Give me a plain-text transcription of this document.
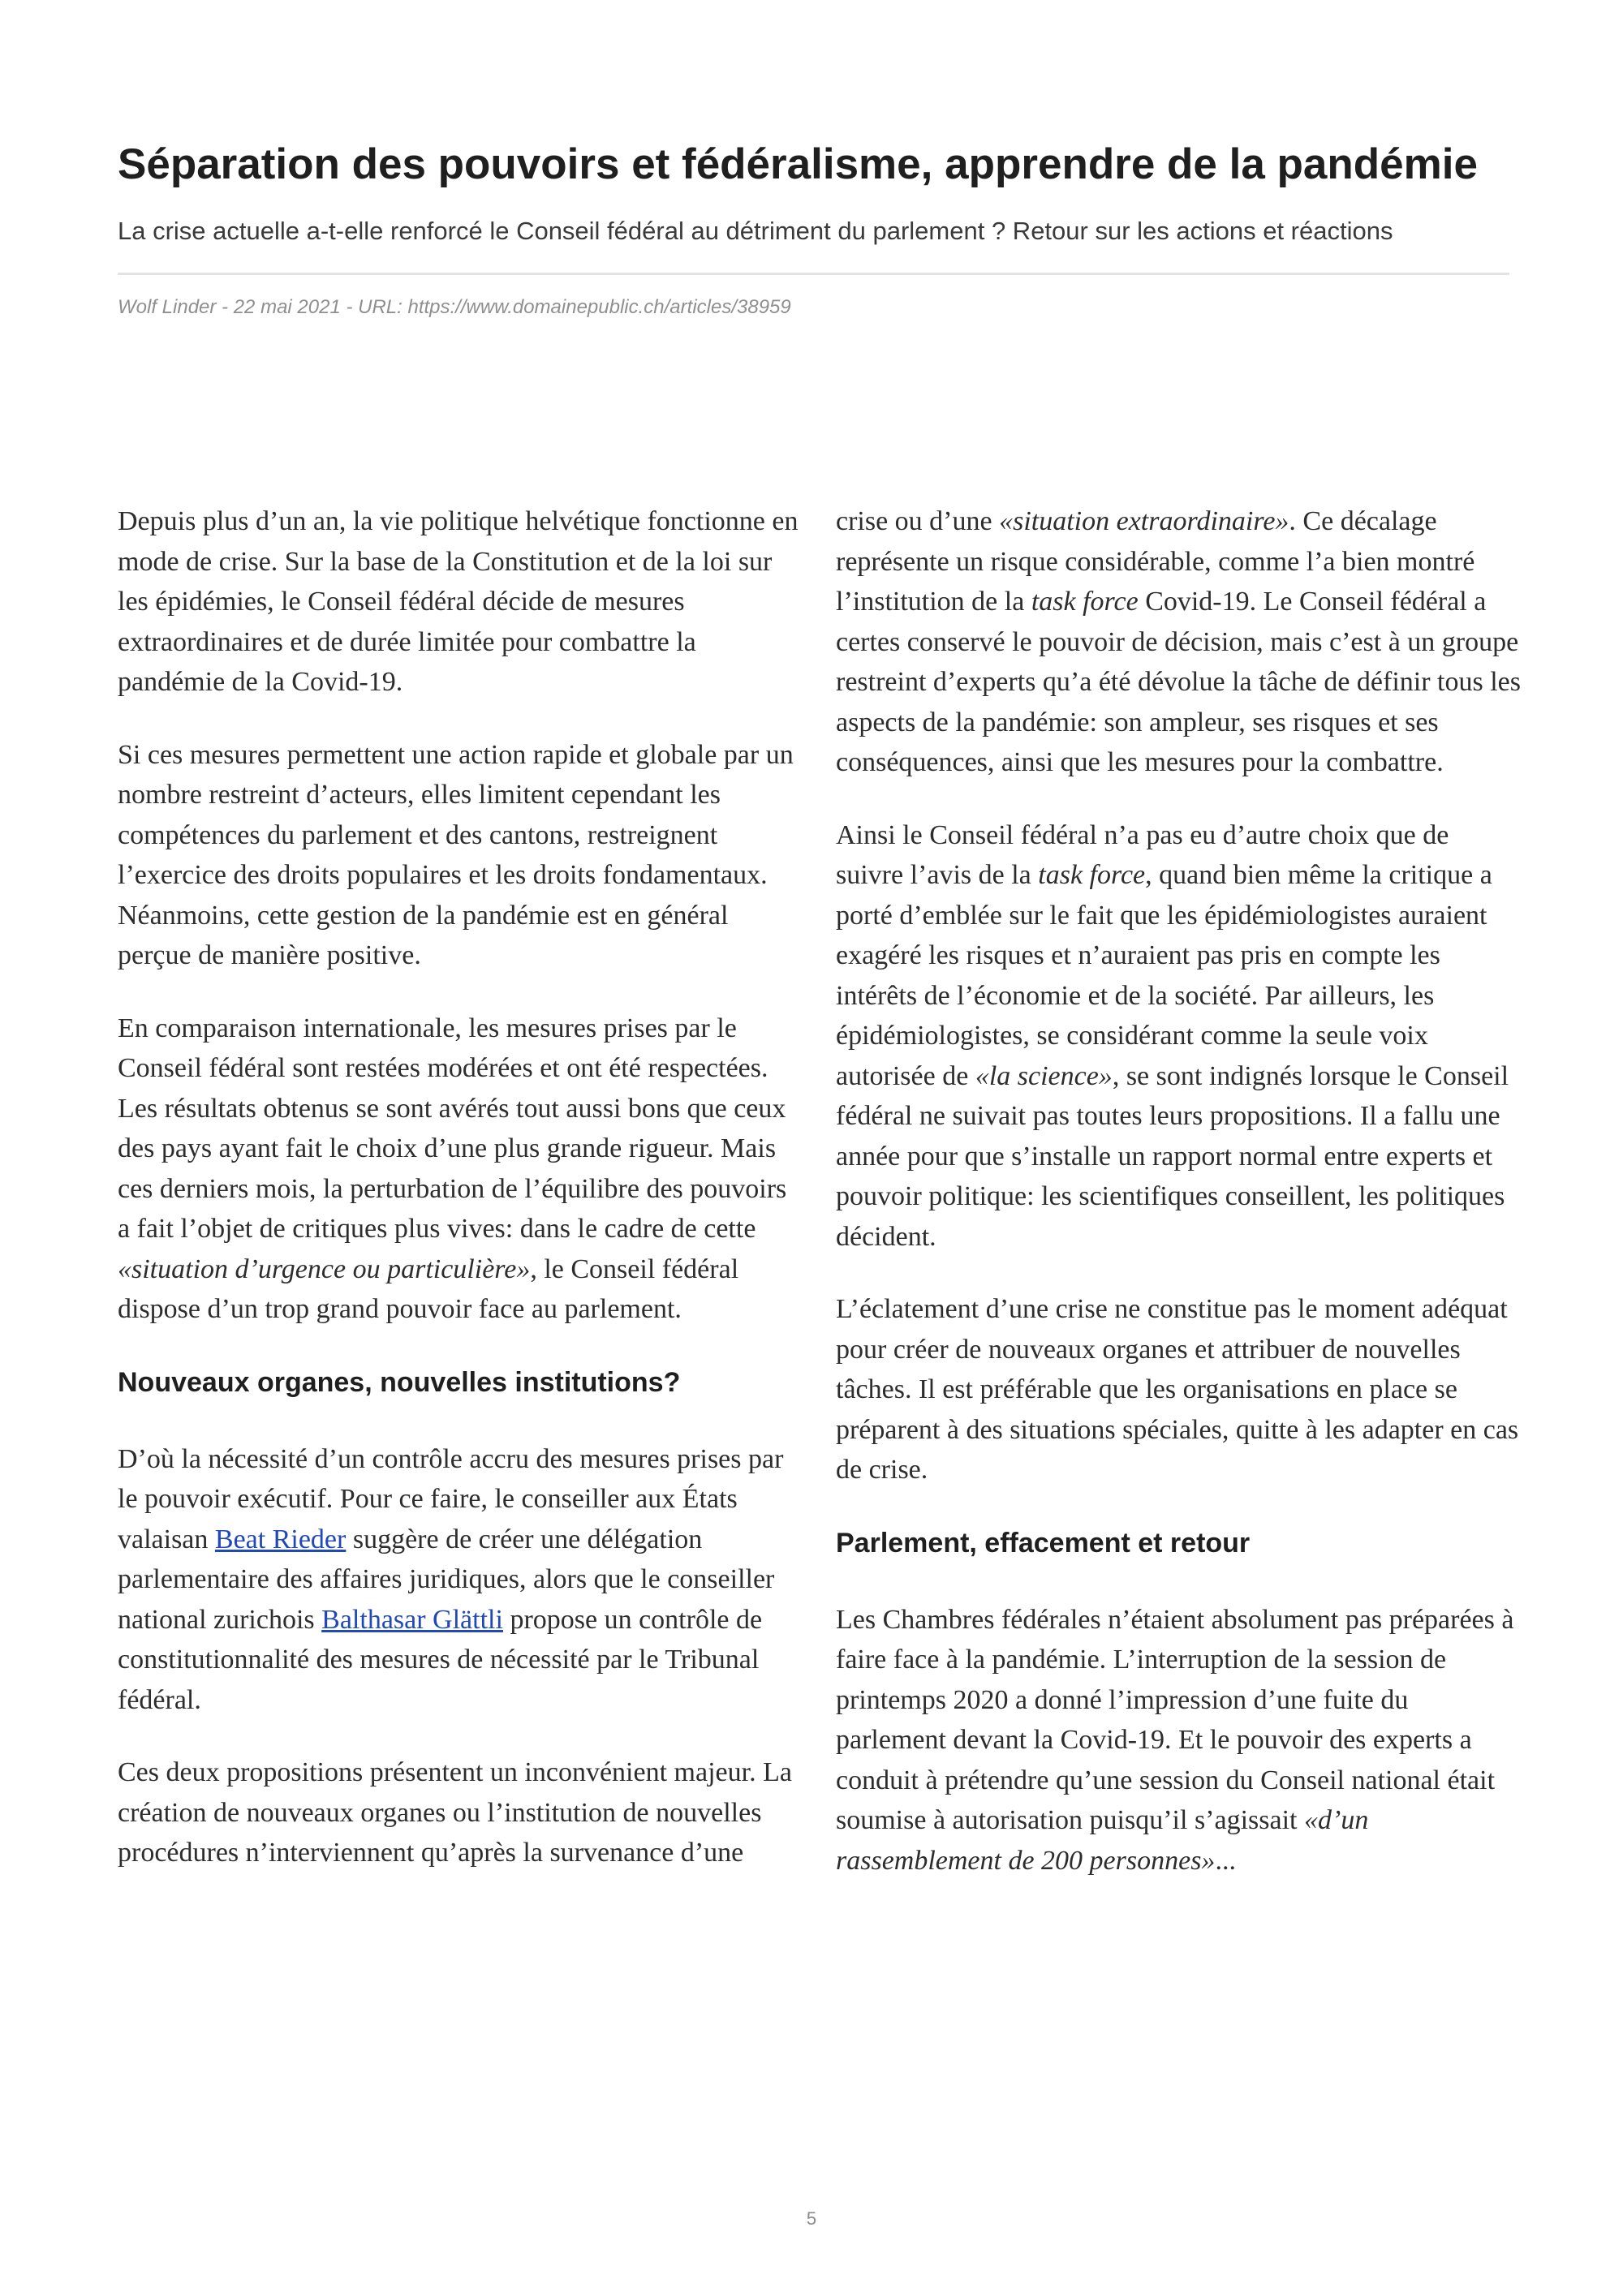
Séparation des pouvoirs et fédéralisme, apprendre de la pandémie

La crise actuelle a-t-elle renforcé le Conseil fédéral au détriment du parlement ? Retour sur les actions et réactions

Wolf Linder - 22 mai 2021 - URL: https://www.domainepublic.ch/articles/38959

Depuis plus d’un an, la vie politique helvétique fonctionne en mode de crise. Sur la base de la Constitution et de la loi sur les épidémies, le Conseil fédéral décide de mesures extraordinaires et de durée limitée pour combattre la pandémie de la Covid-19.

Si ces mesures permettent une action rapide et globale par un nombre restreint d’acteurs, elles limitent cependant les compétences du parlement et des cantons, restreignent l’exercice des droits populaires et les droits fondamentaux. Néanmoins, cette gestion de la pandémie est en général perçue de manière positive.

En comparaison internationale, les mesures prises par le Conseil fédéral sont restées modérées et ont été respectées. Les résultats obtenus se sont avérés tout aussi bons que ceux des pays ayant fait le choix d’une plus grande rigueur. Mais ces derniers mois, la perturbation de l’équilibre des pouvoirs a fait l’objet de critiques plus vives: dans le cadre de cette «situation d’urgence ou particulière», le Conseil fédéral dispose d’un trop grand pouvoir face au parlement.

Nouveaux organes, nouvelles institutions?

D’où la nécessité d’un contrôle accru des mesures prises par le pouvoir exécutif. Pour ce faire, le conseiller aux États valaisan Beat Rieder suggère de créer une délégation parlementaire des affaires juridiques, alors que le conseiller national zurichois Balthasar Glättli propose un contrôle de constitutionnalité des mesures de nécessité par le Tribunal fédéral.

Ces deux propositions présentent un inconvénient majeur. La création de nouveaux organes ou l’institution de nouvelles procédures n’interviennent qu’après la survenance d’une

crise ou d’une «situation extraordinaire». Ce décalage représente un risque considérable, comme l’a bien montré l’institution de la task force Covid-19. Le Conseil fédéral a certes conservé le pouvoir de décision, mais c’est à un groupe restreint d’experts qu’a été dévolue la tâche de définir tous les aspects de la pandémie: son ampleur, ses risques et ses conséquences, ainsi que les mesures pour la combattre.

Ainsi le Conseil fédéral n’a pas eu d’autre choix que de suivre l’avis de la task force, quand bien même la critique a porté d’emblée sur le fait que les épidémiologistes auraient exagéré les risques et n’auraient pas pris en compte les intérêts de l’économie et de la société. Par ailleurs, les épidémiologistes, se considérant comme la seule voix autorisée de «la science», se sont indignés lorsque le Conseil fédéral ne suivait pas toutes leurs propositions. Il a fallu une année pour que s’installe un rapport normal entre experts et pouvoir politique: les scientifiques conseillent, les politiques décident.

L’éclatement d’une crise ne constitue pas le moment adéquat pour créer de nouveaux organes et attribuer de nouvelles tâches. Il est préférable que les organisations en place se préparent à des situations spéciales, quitte à les adapter en cas de crise.

Parlement, effacement et retour

Les Chambres fédérales n’étaient absolument pas préparées à faire face à la pandémie. L’interruption de la session de printemps 2020 a donné l’impression d’une fuite du parlement devant la Covid-19. Et le pouvoir des experts a conduit à prétendre qu’une session du Conseil national était soumise à autorisation puisqu’il s’agissait «d’un rassemblement de 200 personnes»...

5
